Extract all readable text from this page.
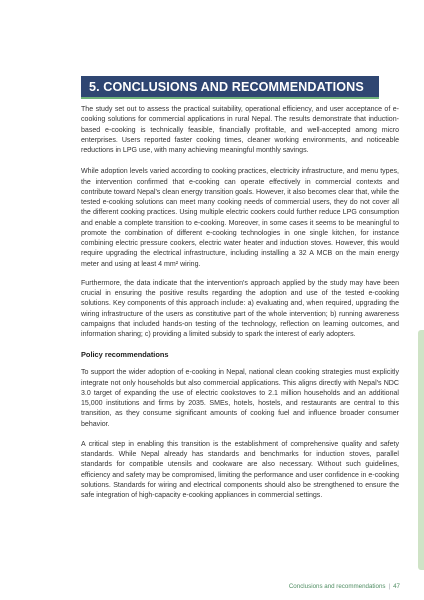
5. CONCLUSIONS AND RECOMMENDATIONS

The study set out to assess the practical suitability, operational efficiency, and user acceptance of e-cooking solutions for commercial applications in rural Nepal. The results demonstrate that induction-based e-cooking is technically feasible, financially profitable, and well-accepted among micro enterprises. Users reported faster cooking times, cleaner working environments, and noticeable reductions in LPG use, with many achieving meaningful monthly savings.

While adoption levels varied according to cooking practices, electricity infrastructure, and menu types, the intervention confirmed that e-cooking can operate effectively in commercial contexts and contribute toward Nepal's clean energy transition goals. However, it also becomes clear that, while the tested e-cooking solutions can meet many cooking needs of commercial users, they do not cover all the different cooking practices. Using multiple electric cookers could further reduce LPG consumption and enable a complete transition to e-cooking. Moreover, in some cases it seems to be meaningful to promote the combination of different e-cooking technologies in one single kitchen, for instance combining electric pressure cookers, electric water heater and induction stoves. However, this would require upgrading the electrical infrastructure, including installing a 32 A MCB on the main energy meter and using at least 4 mm² wiring.

Furthermore, the data indicate that the intervention's approach applied by the study may have been crucial in ensuring the positive results regarding the adoption and use of the tested e-cooking solutions. Key components of this approach include: a) evaluating and, when required, upgrading the wiring infrastructure of the users as constitutive part of the whole intervention; b) running awareness campaigns that included hands-on testing of the technology, reflection on learning outcomes, and information sharing; c) providing a limited subsidy to spark the interest of early adopters.

Policy recommendations

To support the wider adoption of e-cooking in Nepal, national clean cooking strategies must explicitly integrate not only households but also commercial applications. This aligns directly with Nepal's NDC 3.0 target of expanding the use of electric cookstoves to 2.1 million households and an additional 15,000 institutions and firms by 2035. SMEs, hotels, hostels, and restaurants are central to this transition, as they consume significant amounts of cooking fuel and influence broader consumer behavior.

A critical step in enabling this transition is the establishment of comprehensive quality and safety standards. While Nepal already has standards and benchmarks for induction stoves, parallel standards for compatible utensils and cookware are also necessary. Without such guidelines, efficiency and safety may be compromised, limiting the performance and user confidence in e-cooking solutions. Standards for wiring and electrical components should also be strengthened to ensure the safe integration of high-capacity e-cooking appliances in commercial settings.

Conclusions and recommendations | 47
